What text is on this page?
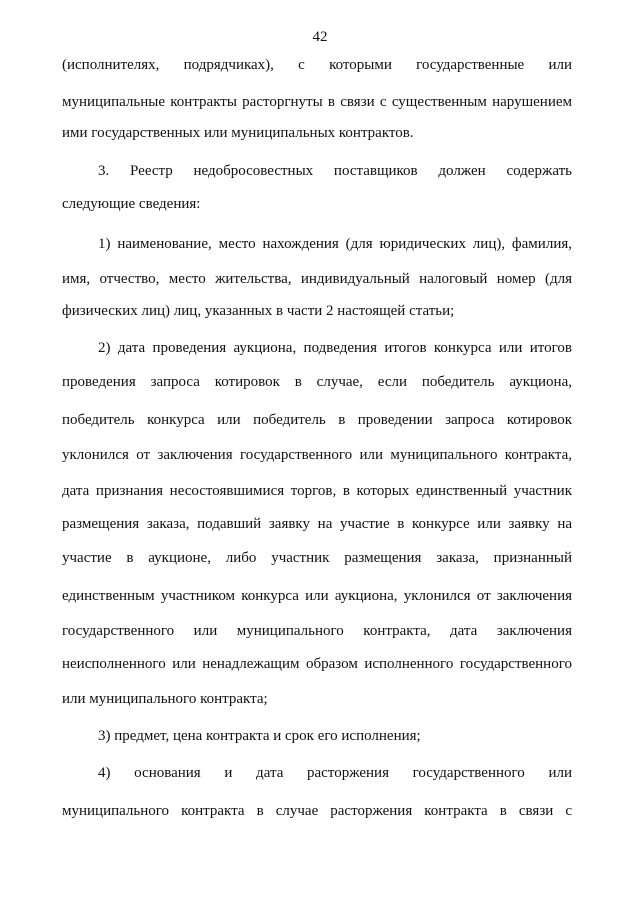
42
(исполнителях, подрядчиках), с которыми государственные или
муниципальные контракты расторгнуты в связи с существенным нарушением
ими государственных или муниципальных контрактов.
3. Реестр недобросовестных поставщиков должен содержать
следующие сведения:
1) наименование, место нахождения (для юридических лиц), фамилия,
имя, отчество, место жительства, индивидуальный налоговый номер (для
физических лиц) лиц, указанных в части 2 настоящей статьи;
2) дата проведения аукциона, подведения итогов конкурса или итогов
проведения запроса котировок в случае, если победитель аукциона,
победитель конкурса или победитель в проведении запроса котировок
уклонился от заключения государственного или муниципального контракта,
дата признания несостоявшимися торгов, в которых единственный участник
размещения заказа, подавший заявку на участие в конкурсе или заявку на
участие в аукционе, либо участник размещения заказа, признанный
единственным участником конкурса или аукциона, уклонился от заключения
государственного или муниципального контракта, дата заключения
неисполненного или ненадлежащим образом исполненного государственного
или муниципального контракта;
3) предмет, цена контракта и срок его исполнения;
4) основания и дата расторжения государственного или
муниципального контракта в случае расторжения контракта в связи с
